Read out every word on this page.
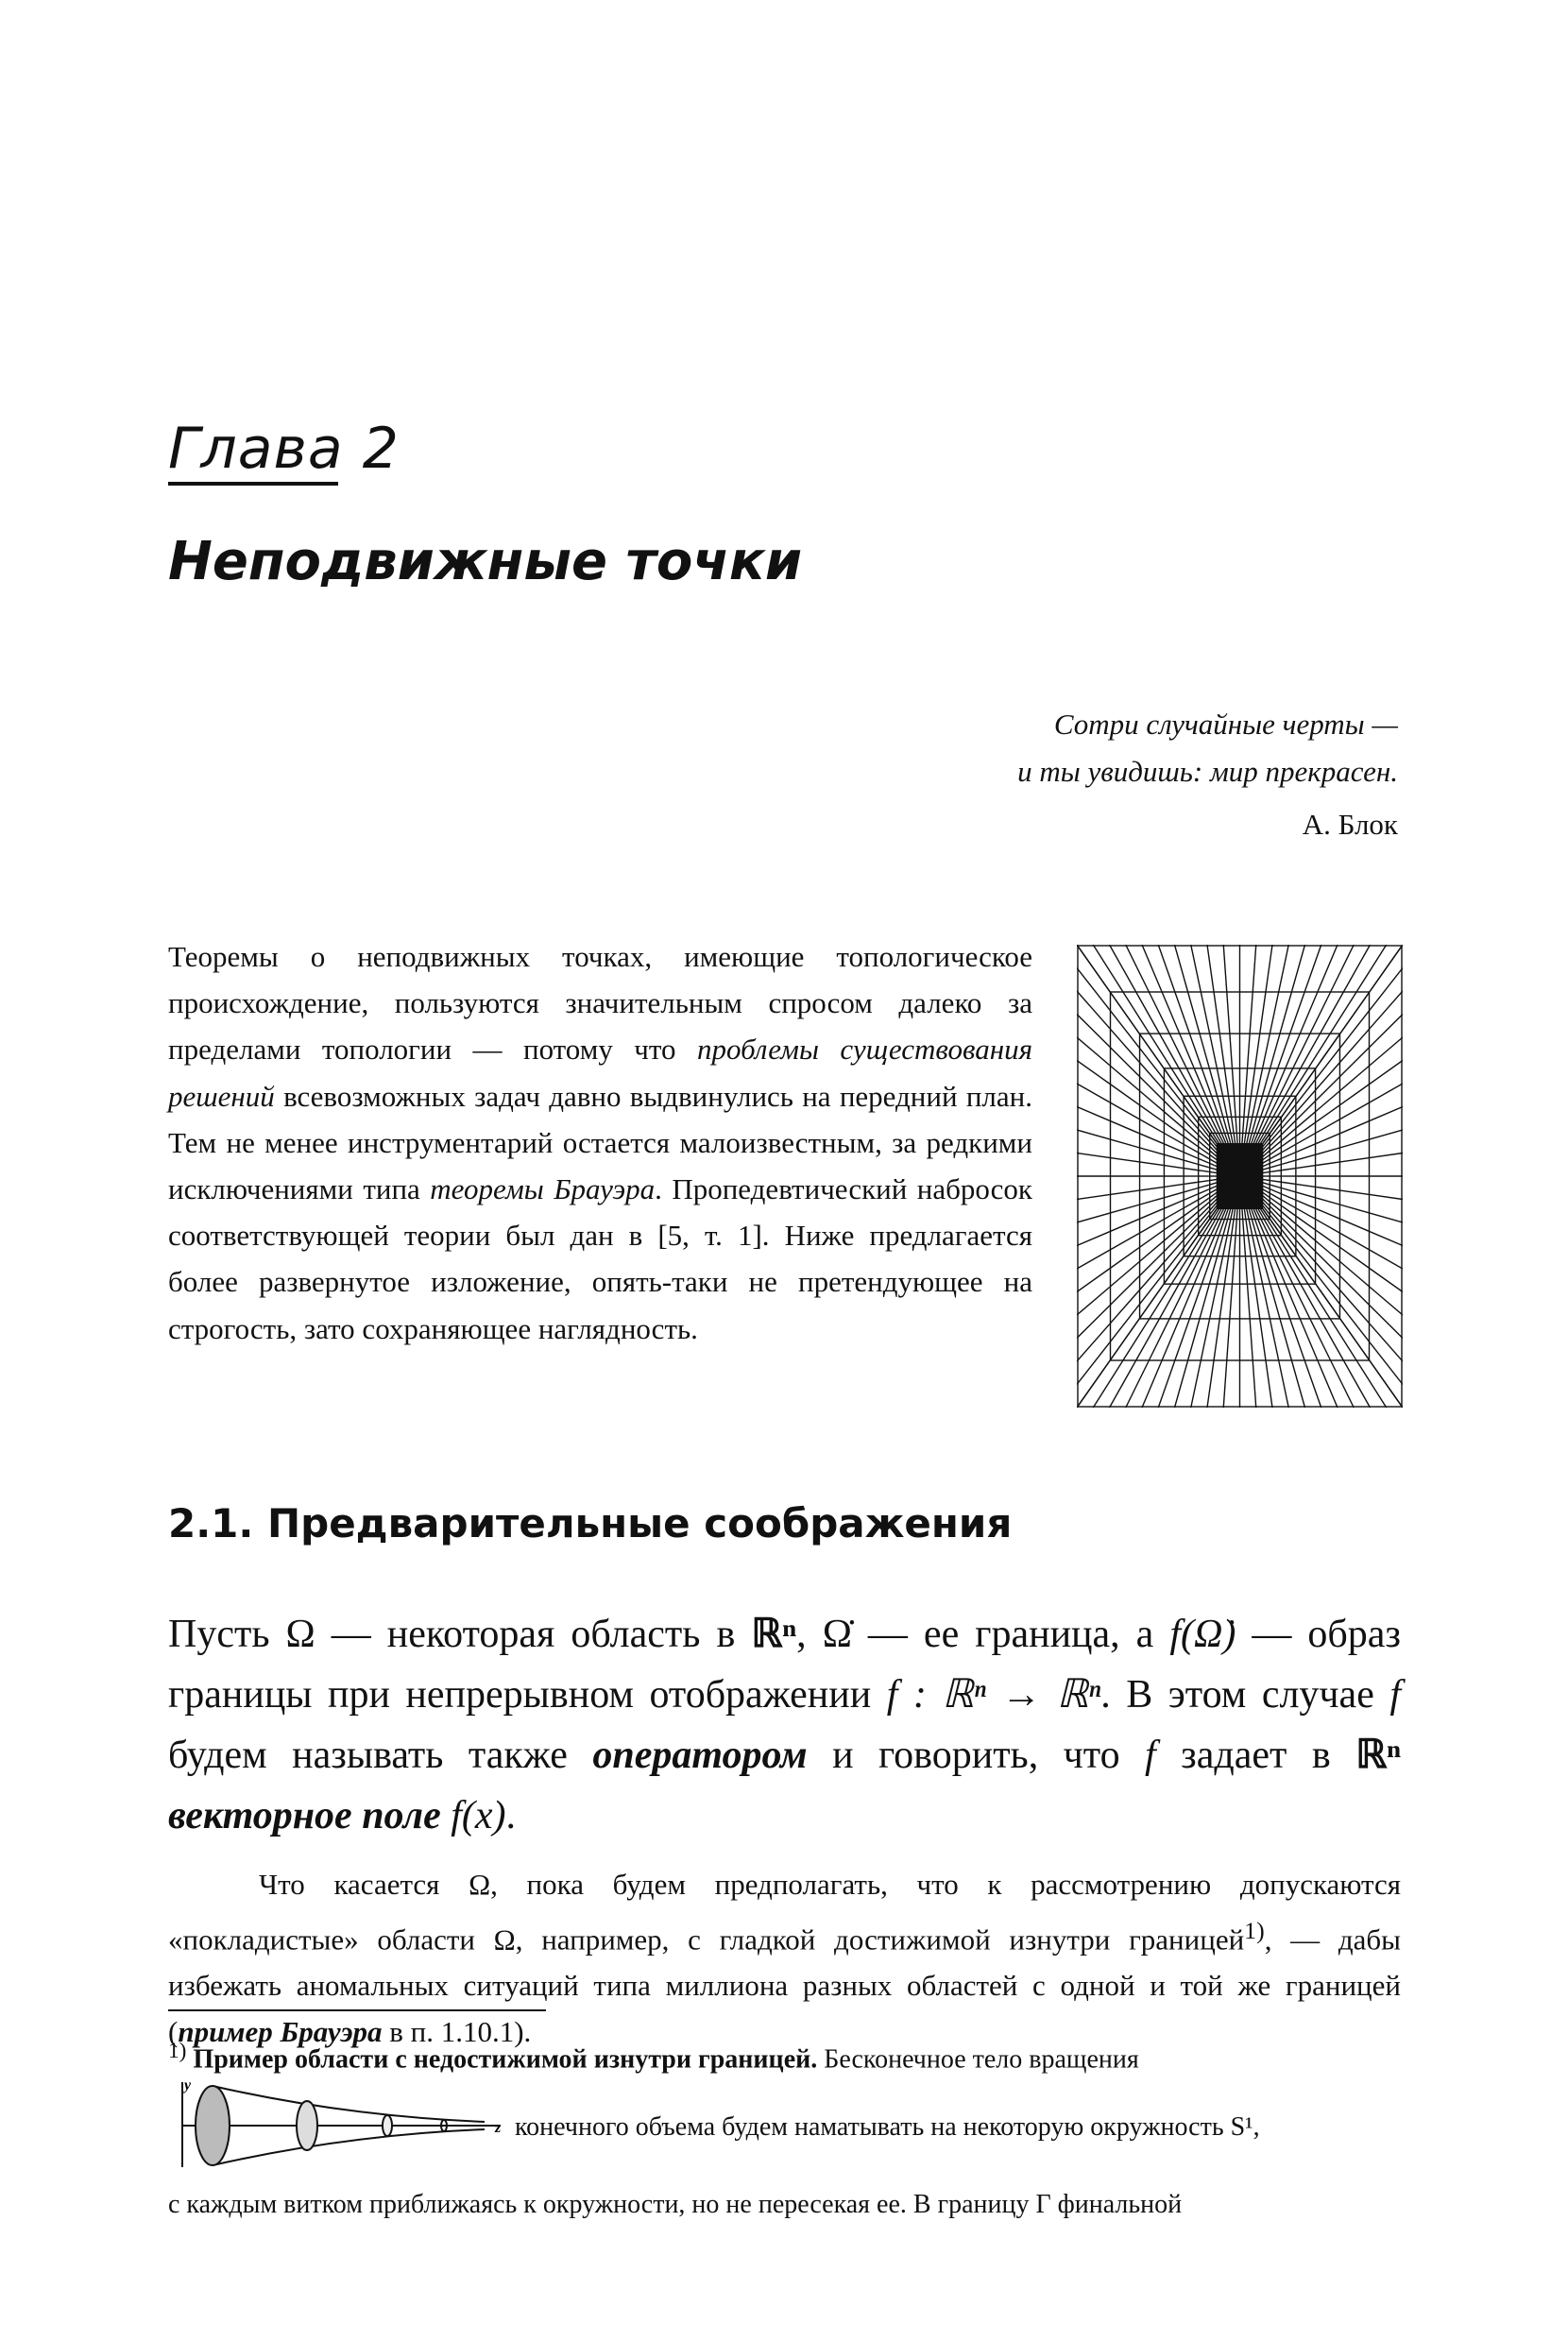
Глава 2
Неподвижные точки
Сотри случайные черты —
и ты увидишь: мир прекрасен.
А. Блок
Теоремы о неподвижных точках, имеющие топологическое происхождение, пользуются значительным спросом далеко за пределами топологии — потому что проблемы существования решений всевозможных задач давно выдвинулись на передний план. Тем не менее инструментарий остается малоизвестным, за редкими исключениями типа теоремы Брауэра. Пропедевтический набросок соответствующей теории был дан в [5, т. 1]. Ниже предлагается более развернутое изложение, опять-таки не претендующее на строгость, зато сохраняющее наглядность.
2.1. Предварительные соображения
Пусть Ω — некоторая область в ℝⁿ, Ω̇ — ее граница, а f(Ω̇) — образ границы при непрерывном отображении f : ℝⁿ → ℝⁿ. В этом случае f будем называть также оператором и говорить, что f задает в ℝⁿ векторное поле f(x).
Что касается Ω, пока будем предполагать, что к рассмотрению допускаются «покладистые» области Ω, например, с гладкой достижимой изнутри границей$^{1)}$, — дабы избежать аномальных ситуаций типа миллиона разных областей с одной и той же границей (пример Брауэра в п. 1.10.1).
$^{1)}$ Пример области с недостижимой изнутри границей. Бесконечное тело вращения
y
z конечного объема будем наматывать на некоторую окружность S¹,
с каждым витком приближаясь к окружности, но не пересекая ее. В границу Г финальной
